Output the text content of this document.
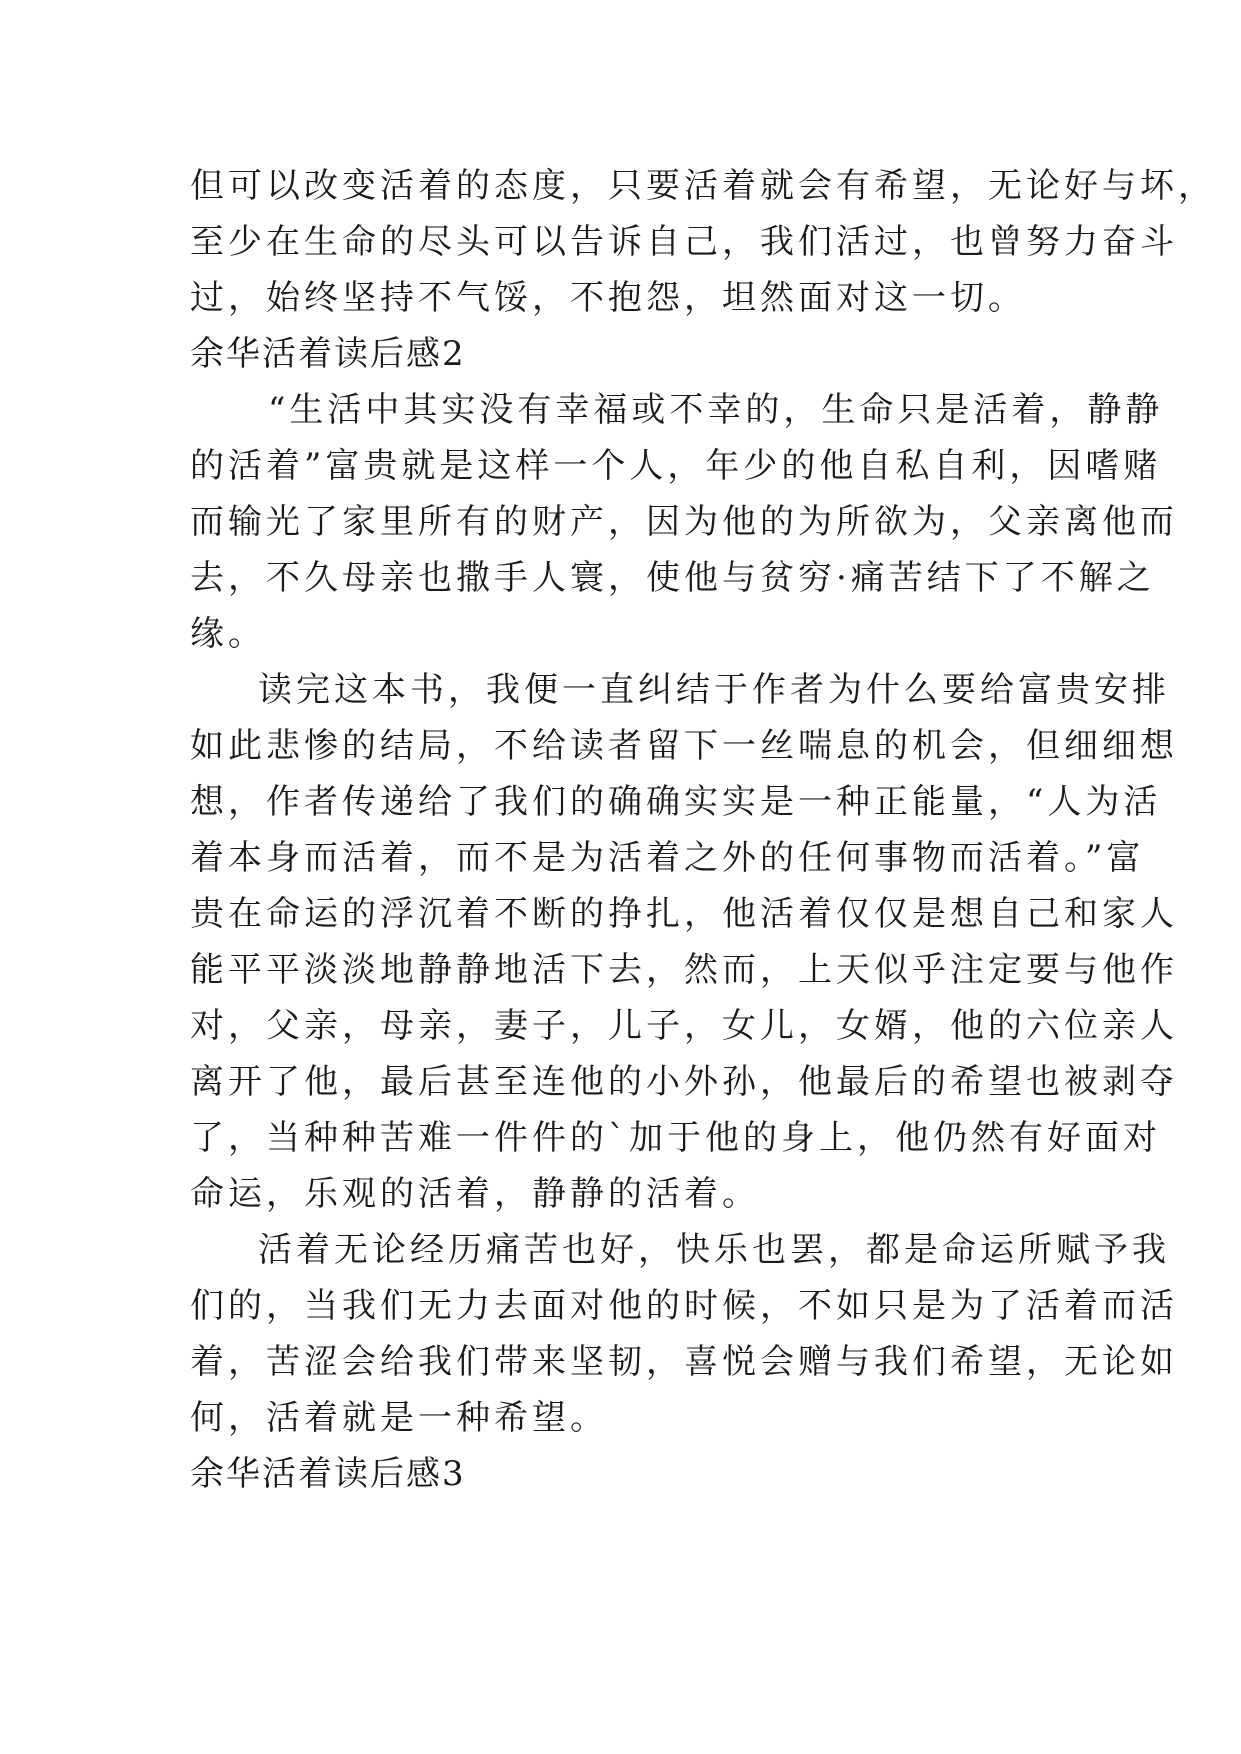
但可以改变活着的态度，只要活着就会有希望，无论好与坏，
至少在生命的尽头可以告诉自己，我们活过，也曾努力奋斗
过，始终坚持不气馁，不抱怨，坦然面对这一切。
余华活着读后感2
“生活中其实没有幸福或不幸的，生命只是活着，静静
的活着”富贵就是这样一个人，年少的他自私自利，因嗜赌
而输光了家里所有的财产，因为他的为所欲为，父亲离他而
去，不久母亲也撒手人寰，使他与贫穷·痛苦结下了不解之
缘。
读完这本书，我便一直纠结于作者为什么要给富贵安排
如此悲惨的结局，不给读者留下一丝喘息的机会，但细细想
想，作者传递给了我们的确确实实是一种正能量，“人为活
着本身而活着，而不是为活着之外的任何事物而活着。”富
贵在命运的浮沉着不断的挣扎，他活着仅仅是想自己和家人
能平平淡淡地静静地活下去，然而，上天似乎注定要与他作
对，父亲，母亲，妻子，儿子，女儿，女婿，他的六位亲人
离开了他，最后甚至连他的小外孙，他最后的希望也被剥夺
了，当种种苦难一件件的`加于他的身上，他仍然有好面对
命运，乐观的活着，静静的活着。
活着无论经历痛苦也好，快乐也罢，都是命运所赋予我
们的，当我们无力去面对他的时候，不如只是为了活着而活
着，苦涩会给我们带来坚韧，喜悦会赠与我们希望，无论如
何，活着就是一种希望。
余华活着读后感3
